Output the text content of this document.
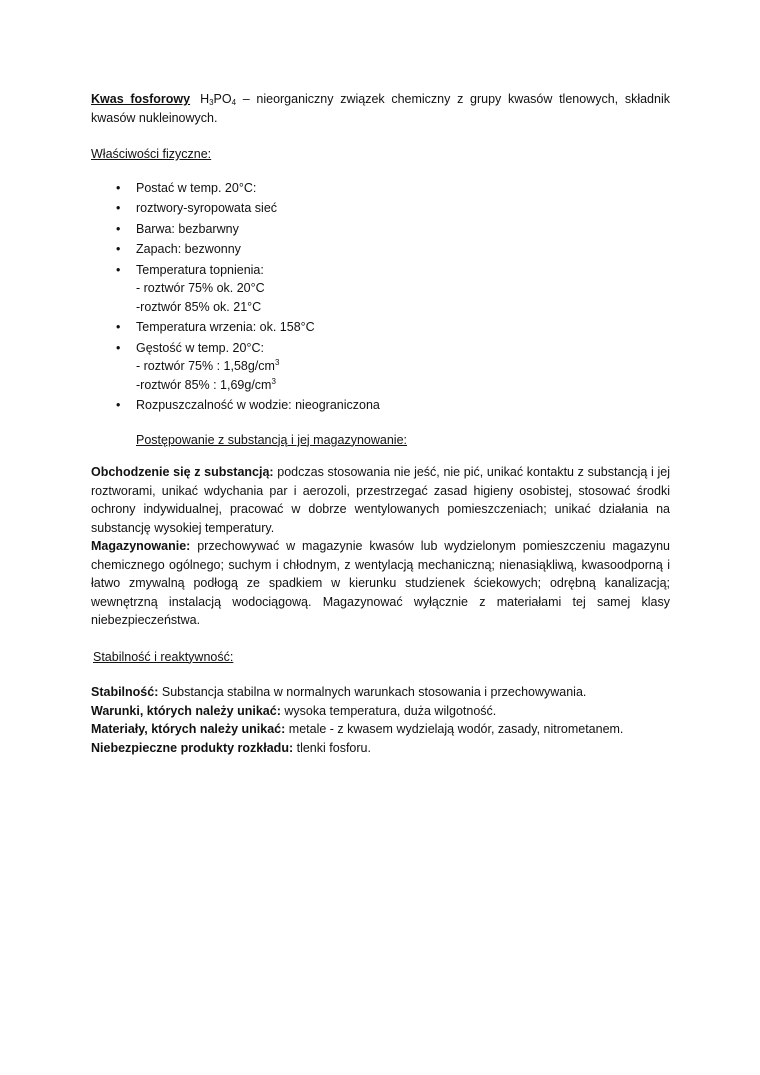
Kwas fosforowy $H_3PO_4$ – nieorganiczny związek chemiczny z grupy kwasów tlenowych, składnik kwasów nukleinowych.

Właściwości fizyczne:

• Postać w temp. 20°C:
• roztwory-syropowata sieć
• Barwa: bezbarwny
• Zapach: bezwonny
• Temperatura topnienia:
- roztwór 75% ok. 20°C
-roztwór 85% ok. 21°C
• Temperatura wrzenia: ok. 158°C
• Gęstość w temp. 20°C:
- roztwór 75% : $1,58g/cm^3$
-roztwór 85% : $1,69g/cm^3$
• Rozpuszczalność w wodzie: nieograniczona

Postępowanie z substancją i jej magazynowanie:

Obchodzenie się z substancją: podczas stosowania nie jeść, nie pić, unikać kontaktu z substancją i jej roztworami, unikać wdychania par i aerozoli, przestrzegać zasad higieny osobistej, stosować środki ochrony indywidualnej, pracować w dobrze wentylowanych pomieszczeniach; unikać działania na substancję wysokiej temperatury.

Magazynowanie: przechowywać w magazynie kwasów lub wydzielonym pomieszczeniu magazynu chemicznego ogólnego; suchym i chłodnym, z wentylacją mechaniczną; nienasiąkliwą, kwasoodporną i łatwo zmywalną podłogą ze spadkiem w kierunku studzienek ściekowych; odrębną kanalizacją; wewnętrzną instalacją wodociągową. Magazynować wyłącznie z materiałami tej samej klasy niebezpieczeństwa.

Stabilność i reaktywność:

Stabilność: Substancja stabilna w normalnych warunkach stosowania i przechowywania.

Warunki, których należy unikać: wysoka temperatura, duża wilgotność.

Materiały, których należy unikać: metale - z kwasem wydzielają wodór, zasady, nitrometanem.

Niebezpieczne produkty rozkładu: tlenki fosforu.
